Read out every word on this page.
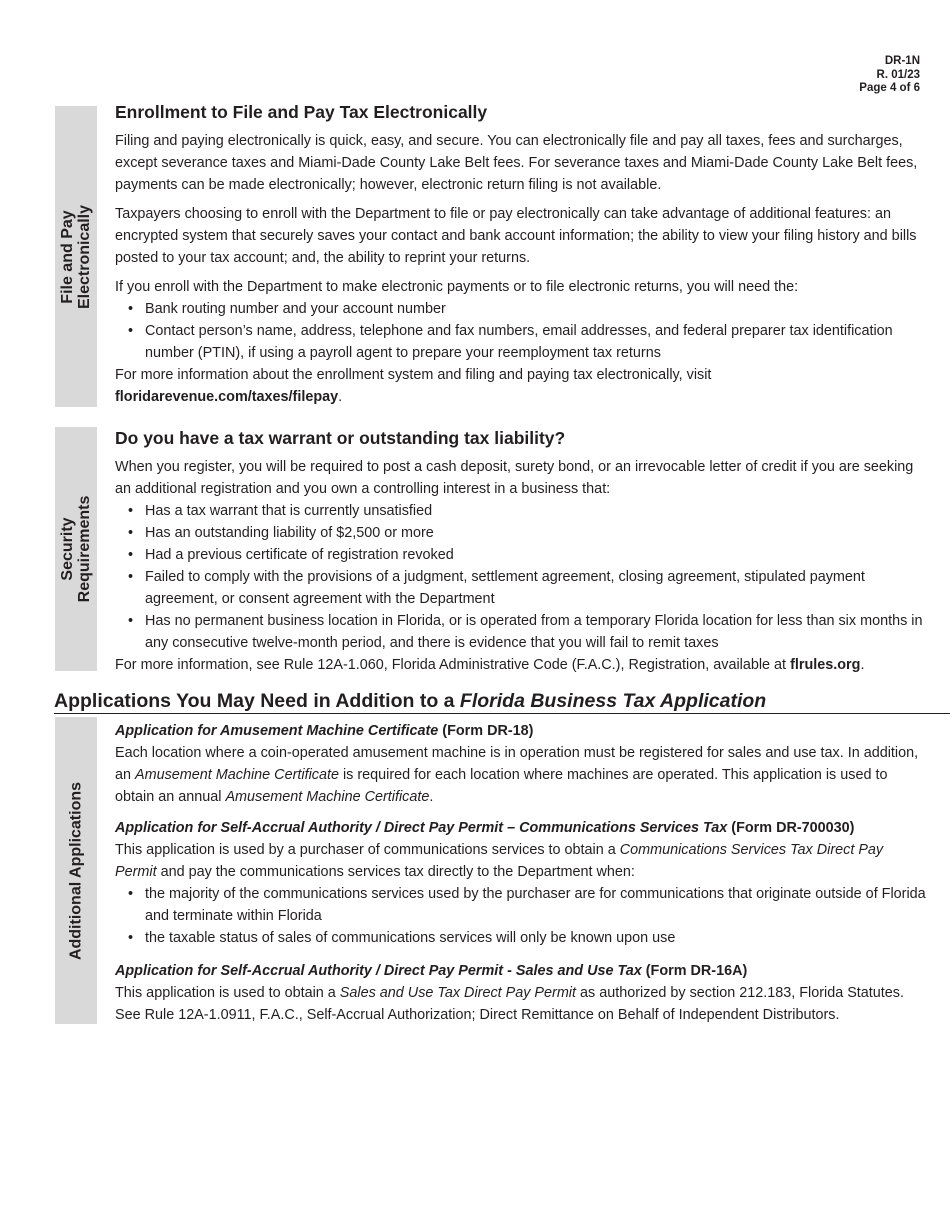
DR-1N
R. 01/23
Page 4 of 6
File and Pay Electronically
Enrollment to File and Pay Tax Electronically

Filing and paying electronically is quick, easy, and secure. You can electronically file and pay all taxes, fees and surcharges, except severance taxes and Miami-Dade County Lake Belt fees. For severance taxes and Miami-Dade County Lake Belt fees, payments can be made electronically; however, electronic return filing is not available.

Taxpayers choosing to enroll with the Department to file or pay electronically can take advantage of additional features: an encrypted system that securely saves your contact and bank account information; the ability to view your filing history and bills posted to your tax account; and, the ability to reprint your returns.

If you enroll with the Department to make electronic payments or to file electronic returns, you will need the:

• Bank routing number and your account number
• Contact person’s name, address, telephone and fax numbers, email addresses, and federal preparer tax identification number (PTIN), if using a payroll agent to prepare your reemployment tax returns
For more information about the enrollment system and filing and paying tax electronically, visit
floridarevenue.com/taxes/filepay.
Security Requirements
Do you have a tax warrant or outstanding tax liability?

When you register, you will be required to post a cash deposit, surety bond, or an irrevocable letter of credit if you are seeking an additional registration and you own a controlling interest in a business that:

• Has a tax warrant that is currently unsatisfied
• Has an outstanding liability of $2,500 or more
• Had a previous certificate of registration revoked
• Failed to comply with the provisions of a judgment, settlement agreement, closing agreement, stipulated payment agreement, or consent agreement with the Department
• Has no permanent business location in Florida, or is operated from a temporary Florida location for less than six months in any consecutive twelve-month period, and there is evidence that you will fail to remit taxes
For more information, see Rule 12A-1.060, Florida Administrative Code (F.A.C.), Registration, available at flrules.org.
Applications You May Need in Addition to a Florida Business Tax Application
Additional Applications
Application for Amusement Machine Certificate (Form DR-18)
Each location where a coin-operated amusement machine is in operation must be registered for sales and use tax. In addition, an Amusement Machine Certificate is required for each location where machines are operated. This application is used to obtain an annual Amusement Machine Certificate.
Application for Self-Accrual Authority / Direct Pay Permit – Communications Services Tax (Form DR-700030)
This application is used by a purchaser of communications services to obtain a Communications Services Tax Direct Pay Permit and pay the communications services tax directly to the Department when:
• the majority of the communications services used by the purchaser are for communications that originate outside of Florida and terminate within Florida
• the taxable status of sales of communications services will only be known upon use
Application for Self-Accrual Authority / Direct Pay Permit - Sales and Use Tax (Form DR-16A)
This application is used to obtain a Sales and Use Tax Direct Pay Permit as authorized by section 212.183, Florida Statutes. See Rule 12A-1.0911, F.A.C., Self-Accrual Authorization; Direct Remittance on Behalf of Independent Distributors.
